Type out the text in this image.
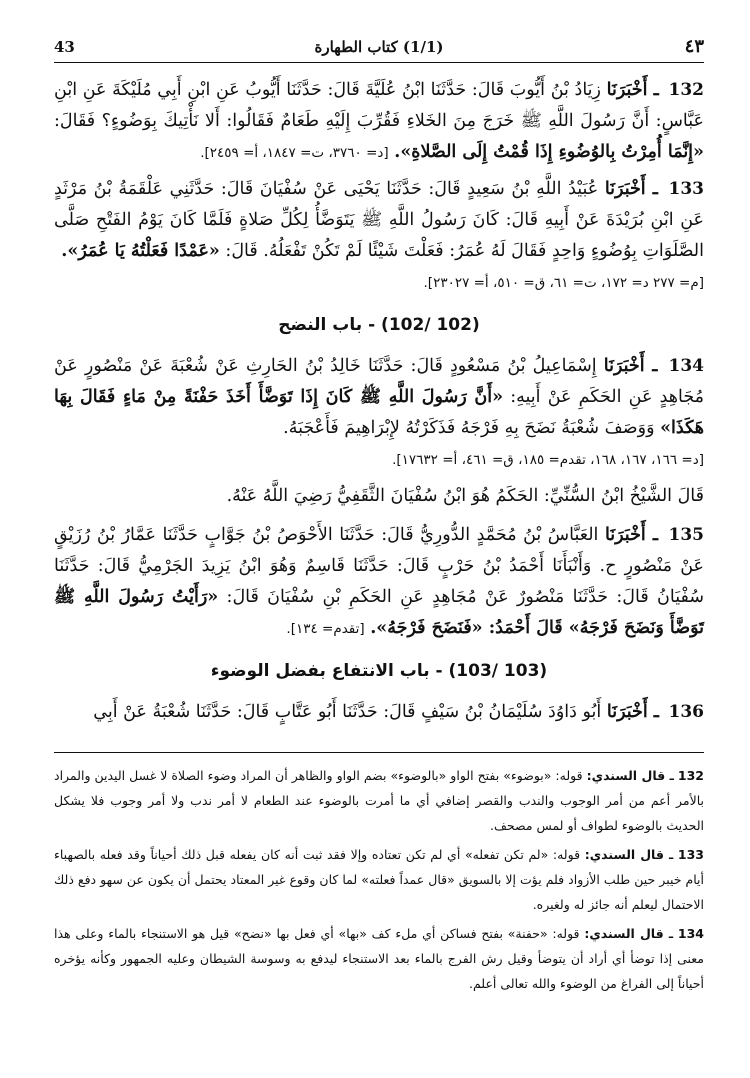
43	(1/1) كتاب الطهارة	٤٣

132 ـ أَخْبَرَنَا زِيَادُ بْنُ أَيُّوبَ قَالَ: حَدَّثَنَا ابْنُ عُلَيَّةَ قَالَ: حَدَّثَنَا أَيُّوبُ عَنِ ابْنِ أَبِي مُلَيْكَةَ عَنِ ابْنِ عَبَّاسٍ: أَنَّ رَسُولَ اللَّهِ ﷺ خَرَجَ مِنَ الخَلاءِ فَقُرِّبَ إِلَيْهِ طَعَامٌ فَقَالُوا: أَلا نَأْتِيكَ بِوَضُوءٍ؟ فَقَالَ: «إِنَّمَا أُمِرْتُ بِالوُضُوءِ إِذَا قُمْتُ إِلَى الصَّلاةِ». [د= ٣٧٦٠، ت= ١٨٤٧، أ= ٢٤٥٩].

133 ـ أَخْبَرَنَا عُبَيْدُ اللَّهِ بْنُ سَعِيدٍ قَالَ: حَدَّثَنَا يَحْيَى عَنْ سُفْيَانَ قَالَ: حَدَّثَنِي عَلْقَمَةُ بْنُ مَرْثَدٍ عَنِ ابْنِ بُرَيْدَةَ عَنْ أَبِيهِ قَالَ: كَانَ رَسُولُ اللَّهِ ﷺ يَتَوَضَّأُ لِكُلِّ صَلاةٍ فَلَمَّا كَانَ يَوْمُ الفَتْحِ صَلَّى الصَّلَوَاتِ بِوُضُوءٍ وَاحِدٍ فَقَالَ لَهُ عُمَرُ: فَعَلْتَ شَيْئًا لَمْ تَكُنْ تَفْعَلُهُ. قَالَ: «عَمْدًا فَعَلْتُهُ يَا عُمَرُ».
[م= ٢٧٧ د= ١٧٢، ت= ٦١، ق= ٥١٠، أ= ٢٣٠٢٧].

(102 /102) - باب النضح

134 ـ أَخْبَرَنَا إِسْمَاعِيلُ بْنُ مَسْعُودٍ قَالَ: حَدَّثَنَا خَالِدُ بْنُ الحَارِثِ عَنْ شُعْبَةَ عَنْ مَنْصُورٍ عَنْ مُجَاهِدٍ عَنِ الحَكَمِ عَنْ أَبِيهِ: «أَنَّ رَسُولَ اللَّهِ ﷺ كَانَ إِذَا تَوَضَّأَ أَخَذَ حَفْنَةً مِنْ مَاءٍ فَقَالَ بِهَا هَكَذَا» وَوَصَفَ شُعْبَةُ نَضَحَ بِهِ فَرْجَهُ فَذَكَرْتُهُ لإِبْرَاهِيمَ فَأَعْجَبَهُ.
[د= ١٦٦، ١٦٧، ١٦٨، تقدم= ١٨٥، ق= ٤٦١، أ= ١٧٦٣٢].

قَالَ الشَّيْخُ ابْنُ السُّنِّيِّ: الحَكَمُ هُوَ ابْنُ سُفْيَانَ الثَّقَفِيُّ رَضِيَ اللَّهُ عَنْهُ.

135 ـ أَخْبَرَنَا العَبَّاسُ بْنُ مُحَمَّدٍ الدُّورِيُّ قَالَ: حَدَّثَنَا الأَحْوَصُ بْنُ جَوَّابٍ حَدَّثَنَا عَمَّارُ بْنُ رُزَيْقٍ عَنْ مَنْصُورٍ ح. وَأَنْبَأَنَا أَحْمَدُ بْنُ حَرْبٍ قَالَ: حَدَّثَنَا قَاسِمٌ وَهُوَ ابْنُ يَزِيدَ الجَرْمِيُّ قَالَ: حَدَّثَنَا سُفْيَانُ قَالَ: حَدَّثَنَا مَنْصُورٌ عَنْ مُجَاهِدٍ عَنِ الحَكَمِ بْنِ سُفْيَانَ قَالَ: «رَأَيْتُ رَسُولَ اللَّهِ ﷺ تَوَضَّأَ وَنَضَحَ فَرْجَهُ» قَالَ أَحْمَدُ: «فَنَضَحَ فَرْجَهُ». [تقدم= ١٣٤].

(103 /103) - باب الانتفاع بفضل الوضوء

136 ـ أَخْبَرَنَا أَبُو دَاوُدَ سُلَيْمَانُ بْنُ سَيْفٍ قَالَ: حَدَّثَنَا أَبُو عَتَّابٍ قَالَ: حَدَّثَنَا شُعْبَةُ عَنْ أَبِي

132 ـ قال السندي: قوله: «بوضوء» بفتح الواو «بالوضوء» بضم الواو والظاهر أن المراد وضوء الصلاة لا غسل اليدين والمراد بالأمر أعم من أمر الوجوب والندب والقصر إضافي أي ما أمرت بالوضوء عند الطعام لا أمر ندب ولا أمر وجوب فلا يشكل الحديث بالوضوء لطواف أو لمس مصحف.

133 ـ قال السندي: قوله: «لم تكن تفعله» أي لم تكن تعتاده وإلا فقد ثبت أنه كان يفعله قبل ذلك أحياناً وقد فعله بالصهباء أيام خيبر حين طلب الأزواد فلم يؤت إلا بالسويق «قال عمداً فعلته» لما كان وقوع غير المعتاد يحتمل أن يكون عن سهو دفع ذلك الاحتمال ليعلم أنه جائز له ولغيره.

134 ـ قال السندي: قوله: «حفنة» بفتح فساكن أي ملء كف «بها» أي فعل بها «نضح» قيل هو الاستنجاء بالماء وعلى هذا معنى إذا توضأ أي أراد أن يتوضأ وقيل رش الفرج بالماء بعد الاستنجاء ليدفع به وسوسة الشيطان وعليه الجمهور وكأنه يؤخره أحياناً إلى الفراغ من الوضوء والله تعالى أعلم.
